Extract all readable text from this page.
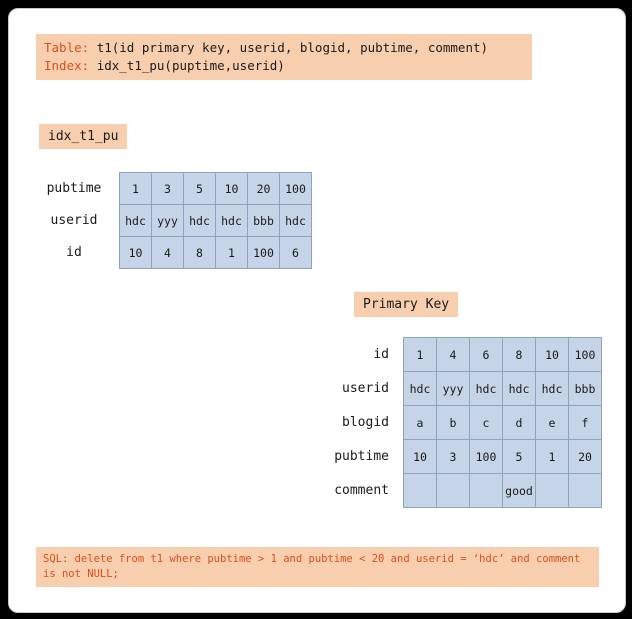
Table: t1(id primary key, userid, blogid, pubtime, comment)
Index: idx_t1_pu(puptime,userid)
idx_t1_pu
pubtime	1	3	5	10	20	100
userid	hdc	yyy	hdc	hdc	bbb	hdc
id	10	4	8	1	100	6
Primary Key
id	1	4	6	8	10	100
userid	hdc	yyy	hdc	hdc	hdc	bbb
blogid	a	b	c	d	e	f
pubtime	10	3	100	5	1	20
comment				good		
SQL: delete from t1 where pubtime > 1 and pubtime < 20 and userid = ‘hdc’ and comment is not NULL;
